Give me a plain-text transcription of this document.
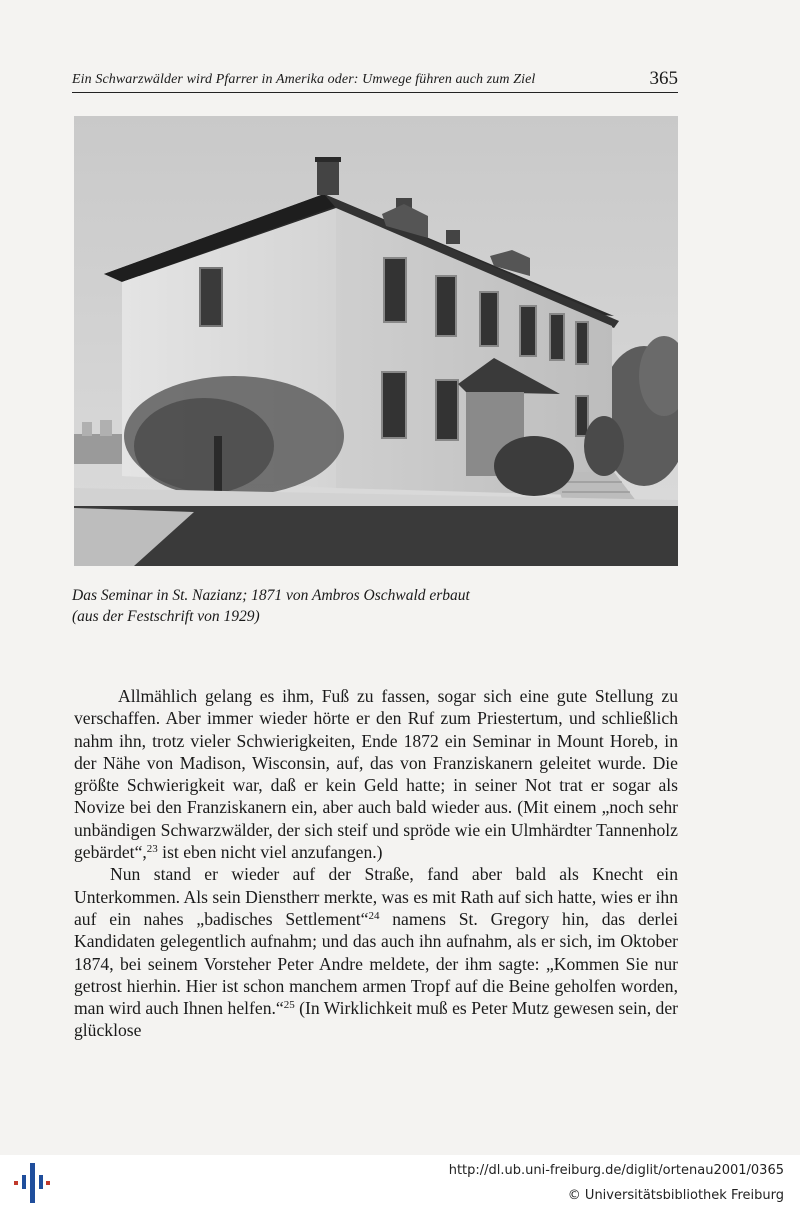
Ein Schwarzwälder wird Pfarrer in Amerika oder: Umwege führen auch zum Ziel	365
Das Seminar in St. Nazianz; 1871 von Ambros Oschwald erbaut
(aus der Festschrift von 1929)

Allmählich gelang es ihm, Fuß zu fassen, sogar sich eine gute Stellung zu verschaffen. Aber immer wieder hörte er den Ruf zum Priestertum, und schließlich nahm ihn, trotz vieler Schwierigkeiten, Ende 1872 ein Seminar in Mount Horeb, in der Nähe von Madison, Wisconsin, auf, das von Franziskanern geleitet wurde. Die größte Schwierigkeit war, daß er kein Geld hatte; in seiner Not trat er sogar als Novize bei den Franziskanern ein, aber auch bald wieder aus. (Mit einem „noch sehr unbändigen Schwarzwälder, der sich steif und spröde wie ein Ulmhärdter Tannenholz gebärdet“,$^{23}$ ist eben nicht viel anzufangen.)

Nun stand er wieder auf der Straße, fand aber bald als Knecht ein Unterkommen. Als sein Dienstherr merkte, was es mit Rath auf sich hatte, wies er ihn auf ein nahes „badisches Settlement“$^{24}$ namens St. Gregory hin, das derlei Kandidaten gelegentlich aufnahm; und das auch ihn aufnahm, als er sich, im Oktober 1874, bei seinem Vorsteher Peter Andre meldete, der ihm sagte: „Kommen Sie nur getrost hierhin. Hier ist schon manchem armen Tropf auf die Beine geholfen worden, man wird auch Ihnen helfen.“$^{25}$ (In Wirklichkeit muß es Peter Mutz gewesen sein, der glücklose

http://dl.ub.uni-freiburg.de/diglit/ortenau2001/0365
© Universitätsbibliothek Freiburg
